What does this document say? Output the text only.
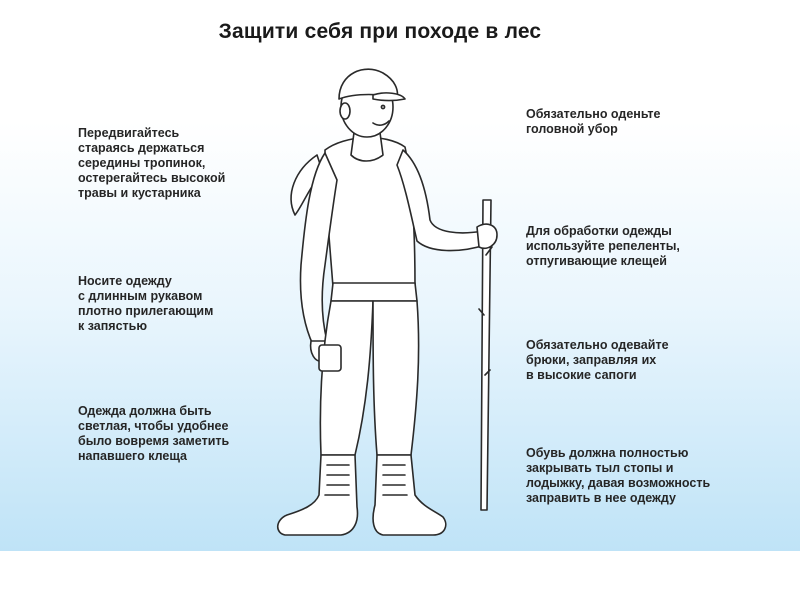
Защити себя при походе в лес
Передвигайтесь
стараясь держаться
середины тропинок,
остерегайтесь высокой
травы и кустарника
Носите одежду
с длинным рукавом
плотно прилегающим
к запястью
Одежда должна быть
светлая, чтобы удобнее
было вовремя заметить
напавшего клеща
Обязательно оденьте
головной убор
Для обработки одежды
используйте репеленты,
отпугивающие клещей
Обязательно одевайте
брюки, заправляя их
в высокие сапоги
Обувь должна полностью
закрывать тыл стопы и
лодыжку, давая возможность
заправить в нее одежду
